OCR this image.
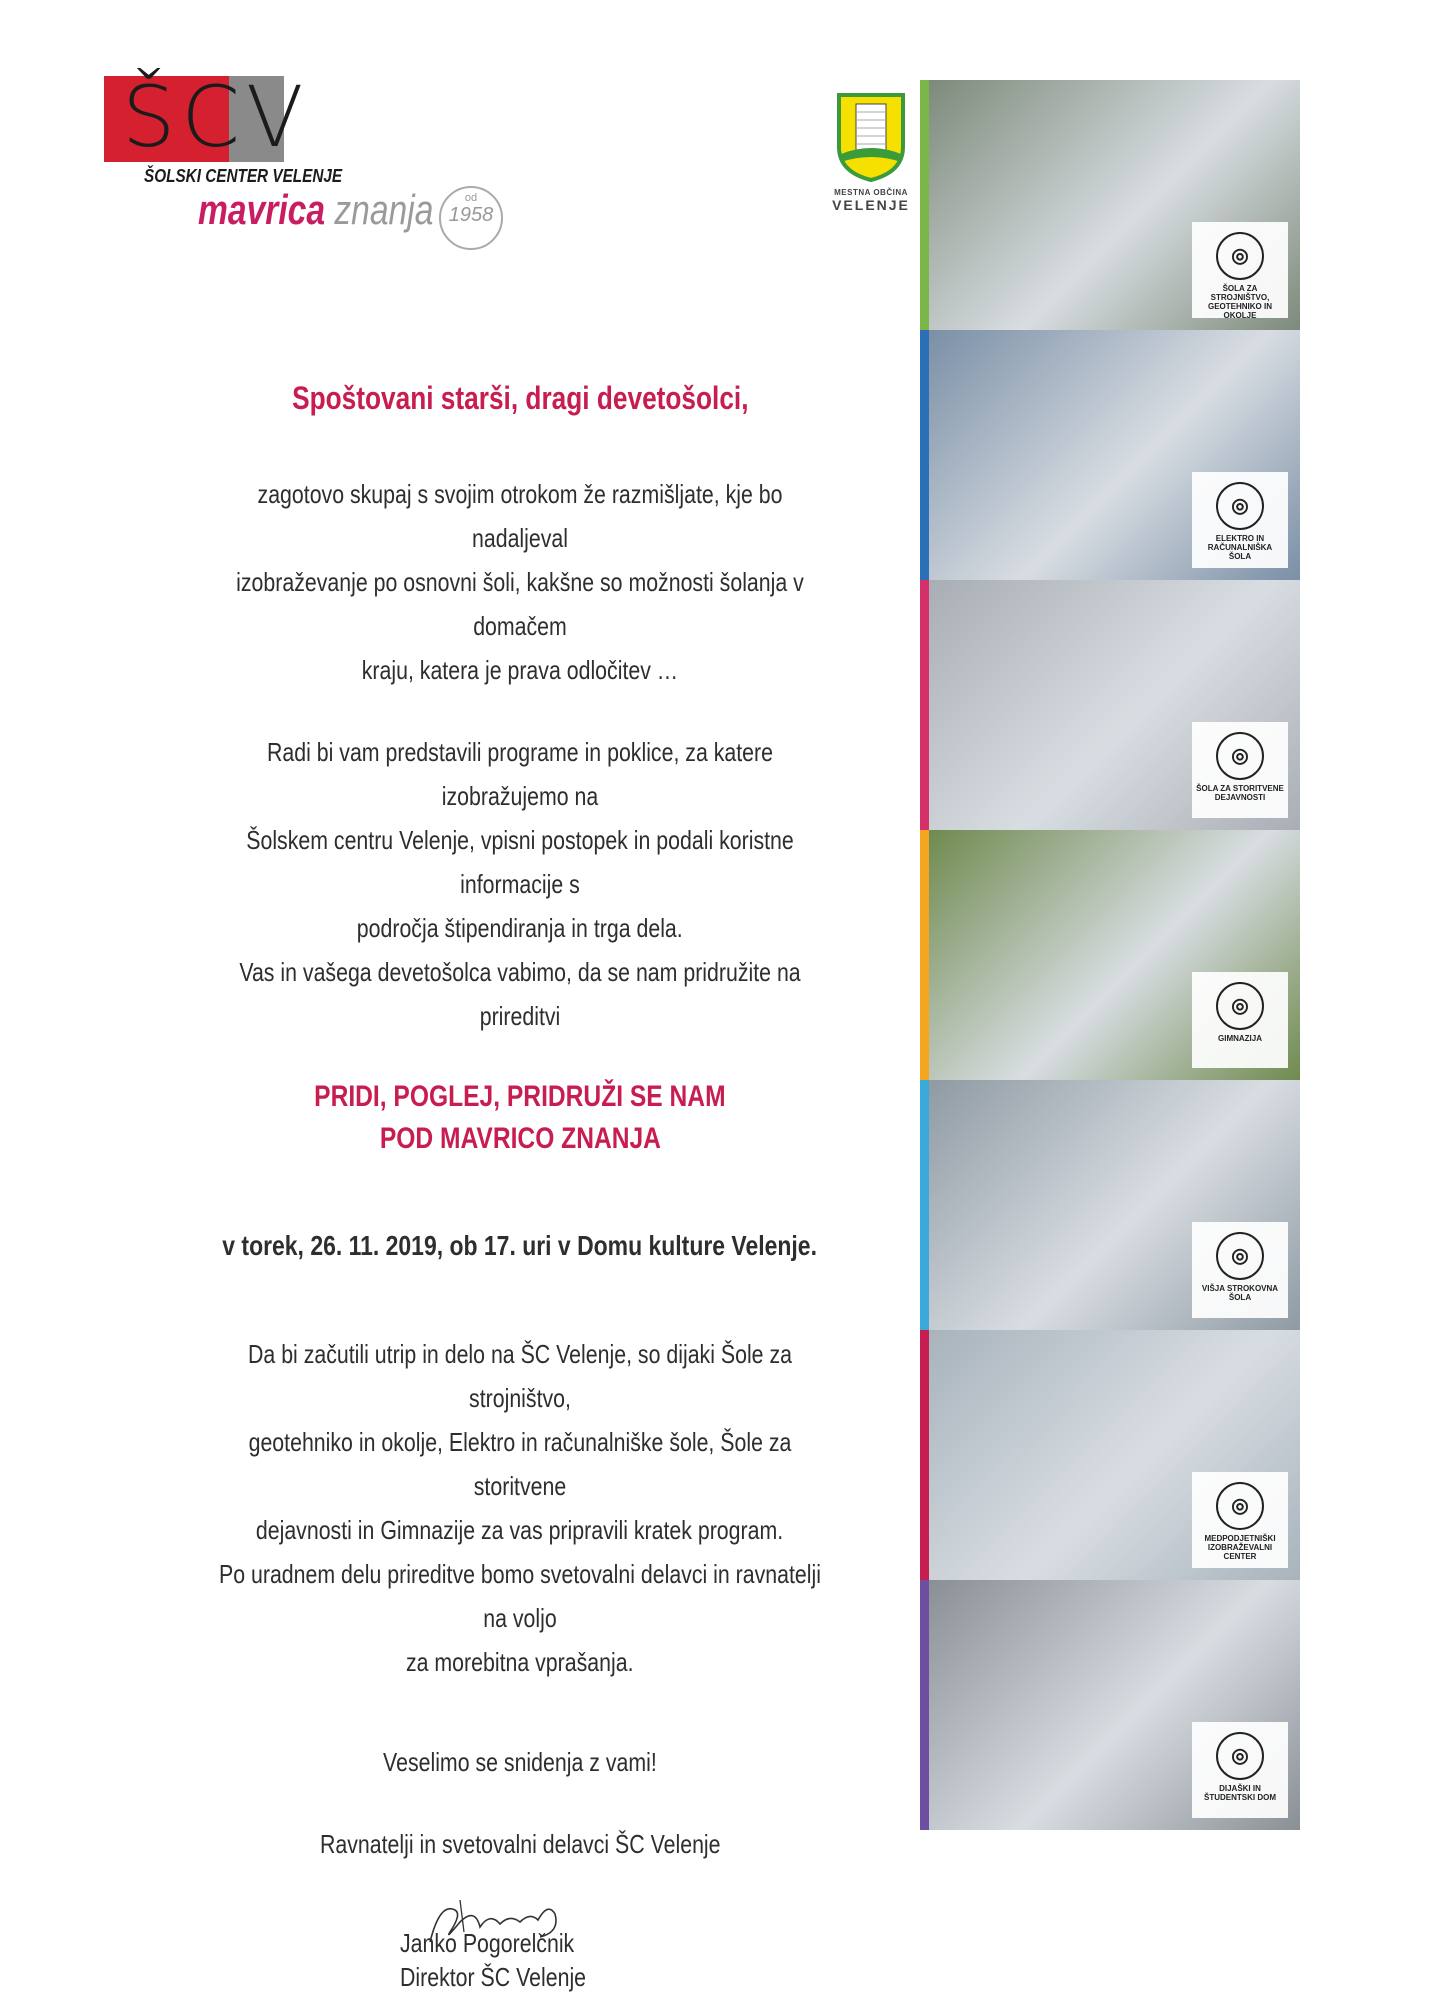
ŠCV
ŠOLSKI CENTER VELENJE
mavrica znanja	od
1958
MESTNA OBČINA
VELENJE

Spoštovani starši, dragi devetošolci,

zagotovo skupaj s svojim otrokom že razmišljate, kje bo nadaljeval

izobraževanje po osnovni šoli, kakšne so možnosti šolanja v domačem

kraju, katera je prava odločitev …

Radi bi vam predstavili programe in poklice, za katere izobražujemo na

Šolskem centru Velenje, vpisni postopek in podali koristne informacije s

področja štipendiranja in trga dela.

Vas in vašega devetošolca vabimo, da se nam pridružite na prireditvi

PRIDI, POGLEJ, PRIDRUŽI SE NAM

POD MAVRICO ZNANJA

v torek, 26. 11. 2019, ob 17. uri v Domu kulture Velenje.

Da bi začutili utrip in delo na ŠC Velenje, so dijaki Šole za strojništvo,

geotehniko in okolje, Elektro in računalniške šole, Šole za storitvene

dejavnosti in Gimnazije za vas pripravili kratek program.

Po uradnem delu prireditve bomo svetovalni delavci in ravnatelji na voljo

za morebitna vprašanja.

Veselimo se snidenja z vami!

Ravnatelji in svetovalni delavci ŠC Velenje

Janko Pogorelčnik

Direktor ŠC Velenje

◎
ŠOLA ZA STROJNIŠTVO, GEOTEHNIKO IN OKOLJE
◎
ELEKTRO IN RAČUNALNIŠKA ŠOLA
◎
ŠOLA ZA STORITVENE DEJAVNOSTI
◎
GIMNAZIJA
◎
VIŠJA STROKOVNA ŠOLA
◎
MEDPODJETNIŠKI IZOBRAŽEVALNI CENTER
◎
DIJAŠKI IN ŠTUDENTSKI DOM
